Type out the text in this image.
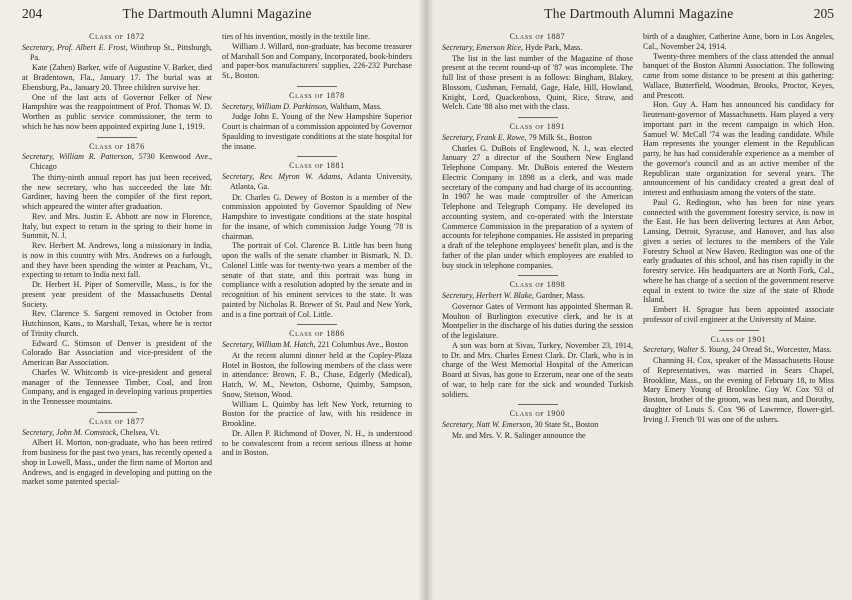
204	The Dartmouth Alumni Magazine
Class of 1872
Secretary, Prof. Albert E. Frost, Winthrop St., Pittsburgh, Pa.

Kate (Zahen) Barker, wife of Augustine V. Barker, died at Bradentown, Fla., January 17. The burial was at Ebensburg, Pa., January 20. Three children survive her.

One of the last acts of Governor Felker of New Hampshire was the reappointment of Prof. Thomas W. D. Worthen as public service commissioner, the term to which he has now been appointed expiring June 1, 1919.

Class of 1876
Secretary, William R. Patterson, 5730 Kenwood Ave., Chicago

The thirty-ninth annual report has just been received, the new secretary, who has succeeded the late Mr. Gardiner, having been the compiler of the first report, which appeared the winter after graduation.

Rev. and Mrs. Justin E. Abbott are now in Florence, Italy, but expect to return in the spring to their home in Summit, N. J.

Rev. Herbert M. Andrews, long a missionary in India, is now in this country with Mrs. Andrews on a furlough, and they have been spending the winter at Peacham, Vt., expecting to return to India next fall.

Dr. Herbert H. Piper of Somerville, Mass., is for the present year president of the Massachusetts Dental Society.

Rev. Clarence S. Sargent removed in October from Hutchinson, Kans., to Marshall, Texas, where he is rector of Trinity church.

Edward C. Stimson of Denver is president of the Colorado Bar Association and vice-president of the American Bar Association.

Charles W. Whitcomb is vice-president and general manager of the Tennessee Timber, Coal, and Iron Company, and is engaged in developing various properties in the Tennessee mountains.

Class of 1877
Secretary, John M. Comstock, Chelsea, Vt.

Albert H. Morton, non-graduate, who has been retired from business for the past two years, has recently opened a shop in Lowell, Mass., under the firm name of Morton and Andrews, and is engaged in developing and putting on the market some patented special-

ties of his invention, mostly in the textile line.

William J. Willard, non-graduate, has become treasurer of Marshall Son and Company, Incorporated, book-binders and paper-box manufacturers' supplies, 226-232 Purchase St., Boston.

Class of 1878
Secretary, William D. Parkinson, Waltham, Mass.

Judge John E. Young of the New Hampshire Superior Court is chairman of a commission appointed by Governor Spaulding to investigate conditions at the state hospital for the insane.

Class of 1881
Secretary, Rev. Myron W. Adams, Atlanta University, Atlanta, Ga.

Dr. Charles G. Dewey of Boston is a member of the commission appointed by Governor Spaulding of New Hampshire to investigate conditions at the state hospital for the insane, of which commission Judge Young '78 is chairman.

The portrait of Col. Clarence B. Little has been hung upon the walls of the senate chamber in Bismark, N. D. Colonel Little was for twenty-two years a member of the senate of that state, and this portrait was hung in compliance with a resolution adopted by the senate and in recognition of his eminent services to the state. It was painted by Nicholas R. Brewer of St. Paul and New York, and is a fine portrait of Col. Little.

Class of 1886
Secretary, William M. Hatch, 221 Columbus Ave., Boston

At the recent alumni dinner held at the Copley-Plaza Hotel in Boston, the following members of the class were in attendance: Brown, F. B., Chase, Edgerly (Medical), Hatch, W. M., Newton, Osborne, Quimby, Sampson, Snow, Stetson, Wood.

William L. Quimby has left New York, returning to Boston for the practice of law, with his residence in Brookline.

Dr. Allen P. Richmond of Dover, N. H., is understood to be convalescent from a recent serious illness at home and in Boston.

The Dartmouth Alumni Magazine	205
Class of 1887
Secretary, Emerson Rice, Hyde Park, Mass.

The list in the last number of the Magazine of those present at the recent round-up of '87 was incomplete. The full list of those present is as follows: Bingham, Blakey, Blossom, Cushman, Fernald, Gage, Hale, Hill, Howland, Knight, Lord, Quackenboss, Quint, Rice, Straw, and Welch. Cate '88 also met with the class.

Class of 1891
Secretary, Frank E. Rowe, 79 Milk St., Boston

Charles G. DuBois of Englewood, N. J., was elected January 27 a director of the Southern New England Telephone Company. Mr. DuBois entered the Western Electric Company in 1898 as a clerk, and was made secretary of the company and had charge of its accounting. In 1907 he was made comptroller of the American Telephone and Telegraph Company. He developed its accounting system, and co-operated with the Interstate Commerce Commission in the preparation of a system of accounts for telephone companies. He assisted in preparing a draft of the telephone employees' benefit plan, and is the father of the plan under which employees are enabled to buy stock in telephone companies.

Class of 1898
Secretary, Herbert W. Blake, Gardner, Mass.

Governor Gates of Vermont has appointed Sherman R. Moulton of Burlington executive clerk, and he is at Montpelier in the discharge of his duties during the session of the legislature.

A son was born at Sivas, Turkey, November 23, 1914, to Dr. and Mrs. Charles Ernest Clark. Dr. Clark, who is in charge of the West Memorial Hospital of the American Board at Sivas, has gone to Erzerum, near one of the seats of war, to help care for the sick and wounded Turkish soldiers.

Class of 1900
Secretary, Natt W. Emerson, 30 State St., Boston

Mr. and Mrs. V. R. Salinger announce the

birth of a daughter, Catherine Anne, born in Los Angeles, Cal., November 24, 1914.

Twenty-three members of the class attended the annual banquet of the Boston Alumni Association. The following came from some distance to be present at this gathering: Wallace, Butterfield, Woodman, Brooks, Proctor, Keyes, and Prescott.

Hon. Guy A. Ham has announced his candidacy for lieutenant-governor of Massachusetts. Ham played a very important part in the recent campaign in which Hon. Samuel W. McCall '74 was the leading candidate. While Ham represents the younger element in the Republican party, he has had considerable experience as a member of the governor's council and as an active member of the Republican state organization for several years. The announcement of his candidacy created a great deal of interest and enthusiasm among the voters of the state.

Paul G. Redington, who has been for nine years connected with the government forestry service, is now in the East. He has been delivering lectures at Ann Arbor, Lansing, Detroit, Syracuse, and Hanover, and has also given a series of lectures to the members of the Yale Forestry School at New Haven. Redington was one of the early graduates of this school, and has risen rapidly in the forestry service. His headquarters are at North Fork, Cal., where he has charge of a section of the government reserve equal in extent to twice the size of the state of Rhode Island.

Embert H. Sprague has been appointed associate professor of civil engineer at the University of Maine.

Class of 1901
Secretary, Walter S. Young, 24 Oread St., Worcester, Mass.

Channing H. Cox, speaker of the Massachusetts House of Representatives, was married in Sears Chapel, Brookline, Mass., on the evening of February 18, to Miss Mary Emery Young of Brookline. Guy W. Cox '93 of Boston, brother of the groom, was best man, and Dorothy, daughter of Louis S. Cox '96 of Lawrence, flower-girl. Irving J. French '01 was one of the ushers.
